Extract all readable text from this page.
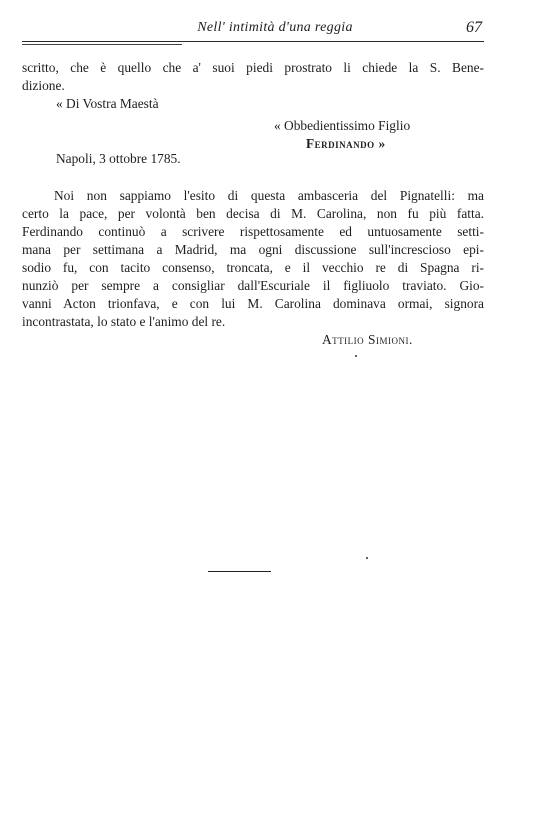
Nell' intimità d'una reggia	67
scritto, che è quello che a' suoi piedi prostrato li chiede la S. Bene-
dizione.
« Di Vostra Maestà
« Obbedientissimo Figlio
Ferdinando »
Napoli, 3 ottobre 1785.
Noi non sappiamo l'esito di questa ambasceria del Pignatelli: ma
certo la pace, per volontà ben decisa di M. Carolina, non fu più fatta.
Ferdinando continuò a scrivere rispettosamente ed untuosamente setti-
mana per settimana a Madrid, ma ogni discussione sull'increscioso epi-
sodio fu, con tacito consenso, troncata, e il vecchio re di Spagna ri-
nunziò per sempre a consigliar dall'Escuriale il figliuolo traviato. Gio-
vanni Acton trionfava, e con lui M. Carolina dominava ormai, signora
incontrastata, lo stato e l'animo del re.
Attilio Simioni.
